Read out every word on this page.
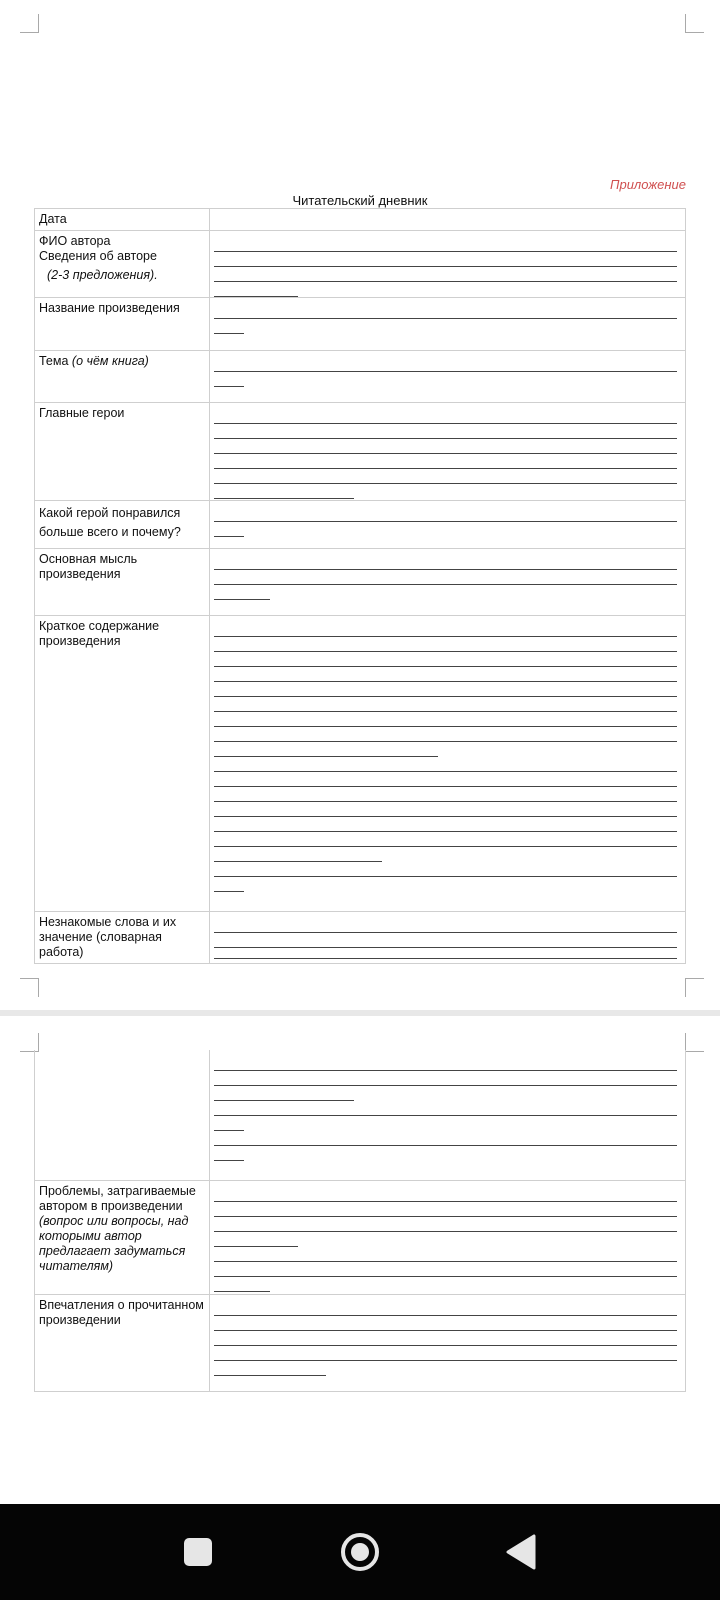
Приложение
Читательский дневник
Дата	
ФИО автора
Сведения об авторе
(2-3 предложения).	

Название произведения	

Тема (о чём книга)	

Главные герои	

Какой герой понравился больше всего и почему?	

Основная мысль произведения	

Краткое содержание произведения	

Незнакомые слова и их значение (словарная работа)	

Проблемы, затрагиваемые автором в произведении (вопрос или вопросы, над которыми автор предлагает задуматься читателям)	

Впечатления о прочитанном произведении	
